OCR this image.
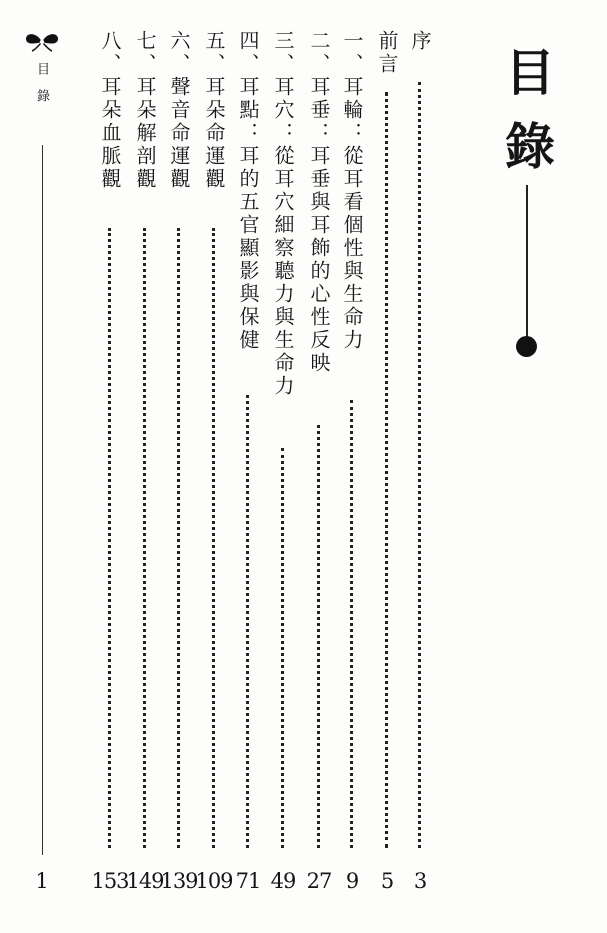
目
錄
序
3
前言
5
一、耳輪：從耳看個性與生命力
9
二、耳垂：耳垂與耳飾的心性反映
27
三、耳穴：從耳穴細察聽力與生命力
49
四、耳點：耳的五官顯影與保健
71
五、耳朵命運觀
109
六、聲音命運觀
139
七、耳朵解剖觀
149
八、耳朵血脈觀
153
目錄
1
